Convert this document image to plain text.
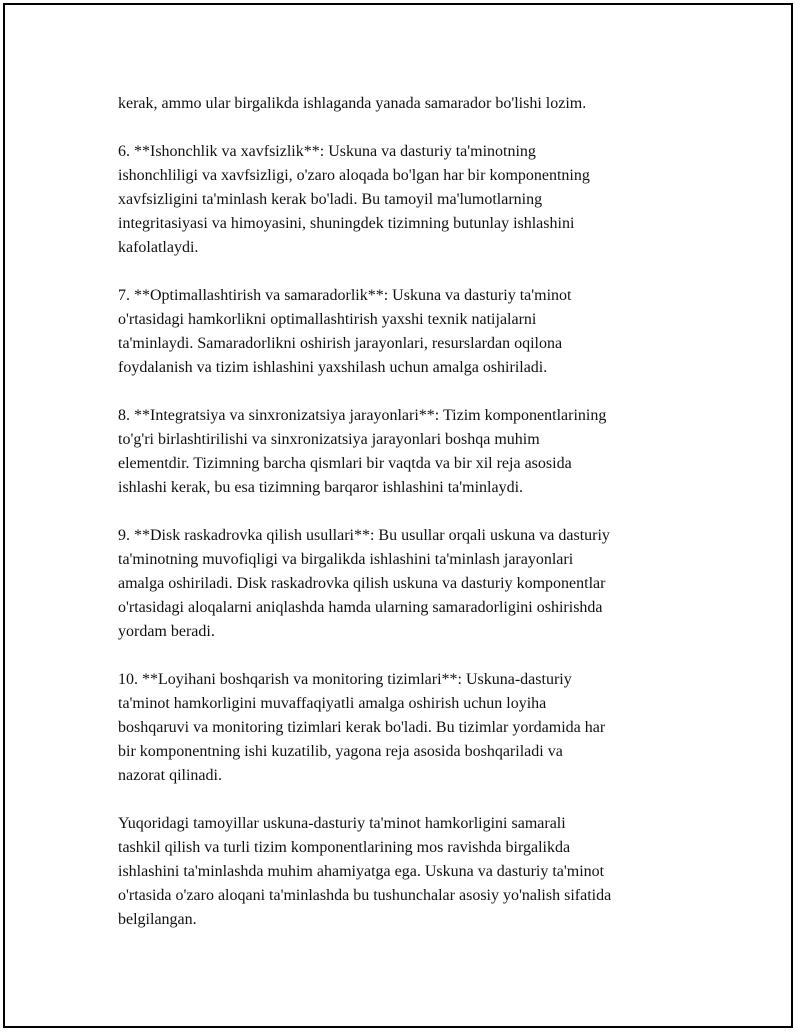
kerak, ammo ular birgalikda ishlaganda yanada samarador bo'lishi lozim.

6. **Ishonchlik va xavfsizlik**: Uskuna va dasturiy ta'minotning
ishonchliligi va xavfsizligi, o'zaro aloqada bo'lgan har bir komponentning
xavfsizligini ta'minlash kerak bo'ladi. Bu tamoyil ma'lumotlarning
integritasiyasi va himoyasini, shuningdek tizimning butunlay ishlashini
kafolatlaydi.

7. **Optimallashtirish va samaradorlik**: Uskuna va dasturiy ta'minot
o'rtasidagi hamkorlikni optimallashtirish yaxshi texnik natijalarni
ta'minlaydi. Samaradorlikni oshirish jarayonlari, resurslardan oqilona
foydalanish va tizim ishlashini yaxshilash uchun amalga oshiriladi.

8. **Integratsiya va sinxronizatsiya jarayonlari**: Tizim komponentlarining
to'g'ri birlashtirilishi va sinxronizatsiya jarayonlari boshqa muhim
elementdir. Tizimning barcha qismlari bir vaqtda va bir xil reja asosida
ishlashi kerak, bu esa tizimning barqaror ishlashini ta'minlaydi.

9. **Disk raskadrovka qilish usullari**: Bu usullar orqali uskuna va dasturiy
ta'minotning muvofiqligi va birgalikda ishlashini ta'minlash jarayonlari
amalga oshiriladi. Disk raskadrovka qilish uskuna va dasturiy komponentlar
o'rtasidagi aloqalarni aniqlashda hamda ularning samaradorligini oshirishda
yordam beradi.

10. **Loyihani boshqarish va monitoring tizimlari**: Uskuna-dasturiy
ta'minot hamkorligini muvaffaqiyatli amalga oshirish uchun loyiha
boshqaruvi va monitoring tizimlari kerak bo'ladi. Bu tizimlar yordamida har
bir komponentning ishi kuzatilib, yagona reja asosida boshqariladi va
nazorat qilinadi.

Yuqoridagi tamoyillar uskuna-dasturiy ta'minot hamkorligini samarali
tashkil qilish va turli tizim komponentlarining mos ravishda birgalikda
ishlashini ta'minlashda muhim ahamiyatga ega. Uskuna va dasturiy ta'minot
o'rtasida o'zaro aloqani ta'minlashda bu tushunchalar asosiy yo'nalish sifatida
belgilangan.
